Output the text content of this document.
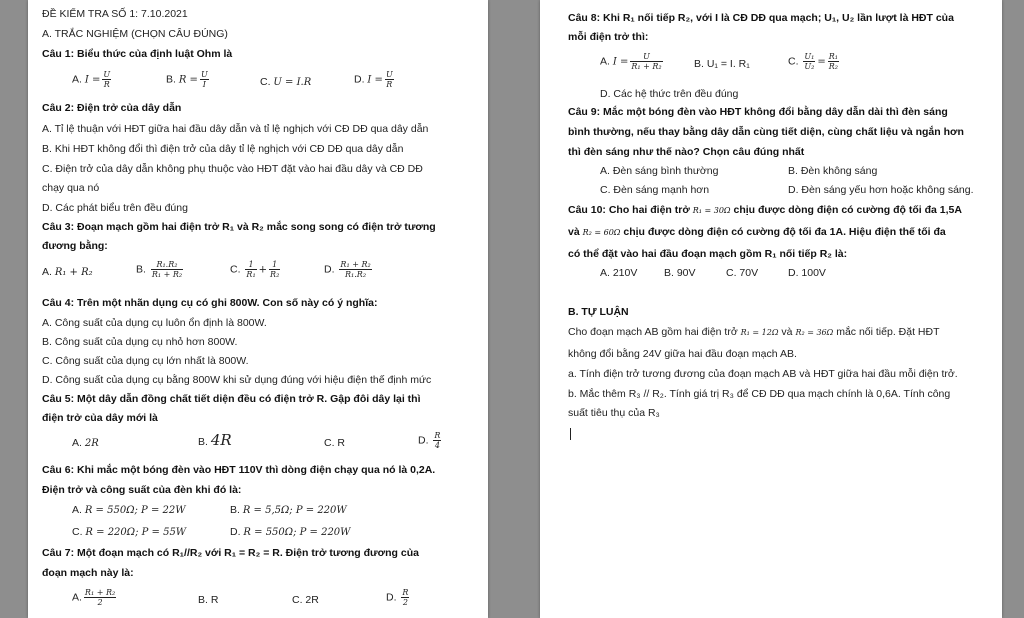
ĐỀ KIỂM TRA SỐ 1: 7.10.2021
A. TRẮC NGHIỆM (CHỌN CÂU ĐÚNG)
Câu 1: Biểu thức của định luật Ohm là
A. $I = \frac{U}{R}$	B. $R = \frac{U}{I}$	C. U = I.R	D. $I = \frac{U}{R}$
Câu 2: Điện trở của dây dẫn
A. Tỉ lệ thuận với HĐT giữa hai đầu dây dẫn và tỉ lệ nghịch với CĐ DĐ qua dây dẫn
B. Khi HĐT không đổi thì điện trở của dây tỉ lệ nghịch với CĐ DĐ qua dây dẫn
C. Điện trở của dây dẫn không phụ thuộc vào HĐT đặt vào hai đầu dây và CĐ DĐ
chạy qua nó
D. Các phát biểu trên đều đúng
Câu 3: Đoạn mạch gồm hai điện trở R₁ và R₂ mắc song song có điện trở tương
đương bằng:
A. R₁ + R₂	B. $\frac{\text{R₁.R₂}}{\text{R₁ + R₂}}$	C. $\frac{1}{\text{R₁}} + \frac{1}{\text{R₂}}$	D. $\frac{\text{R₁ + R₂}}{\text{R₁.R₂}}$
Câu 4: Trên một nhãn dụng cụ có ghi 800W. Con số này có ý nghĩa:
A. Công suất của dụng cụ luôn ổn định là 800W.
B. Công suất của dụng cụ nhỏ hơn 800W.
C. Công suất của dụng cụ lớn nhất là 800W.
D. Công suất của dụng cụ bằng 800W khi sử dụng đúng với hiệu điện thế định mức
Câu 5: Một dây dẫn đồng chất tiết diện đều có điện trở R. Gập đôi dây lại thì
điện trở của dây mới là
A. 2R	B. 4R	C. R	D. $\frac{R}{4}$
Câu 6: Khi mắc một bóng đèn vào HĐT 110V thì dòng điện chạy qua nó là 0,2A.
Điện trở và công suất của đèn khi đó là:
A. R = 550Ω; P = 22W	B. R = 5,5Ω; P = 220W
C. R = 220Ω; P = 55W	D. R = 550Ω; P = 220W
Câu 7: Một đoạn mạch có R₁//R₂ với R₁ = R₂ = R. Điện trở tương đương của
đoạn mạch này là:
A. $\frac{\text{R₁ + R₂}}{2}$	B. R	C. 2R	D. $\frac{R}{2}$
Câu 8: Khi R₁ nối tiếp R₂, với I là CĐ DĐ qua mạch; U₁, U₂ lần lượt là HĐT của
mỗi điện trở thì:
A. $I = \frac{U}{\text{R₁ + R₂}}$	B. U₁ = I. R₁	C. $\frac{\text{U₁}}{\text{U₂}} = \frac{\text{R₁}}{\text{R₂}}$
D. Các hệ thức trên đều đúng
Câu 9: Mắc một bóng đèn vào HĐT không đổi bằng dây dẫn dài thì đèn sáng
bình thường, nếu thay bằng dây dẫn cùng tiết diện, cùng chất liệu và ngắn hơn
thì đèn sáng như thế nào? Chọn câu đúng nhất
A. Đèn sáng bình thường	B. Đèn không sáng
C. Đèn sáng mạnh hơn	D. Đèn sáng yếu hơn hoặc không sáng.
Câu 10: Cho hai điện trở R₁ = 30Ω chịu được dòng điện có cường độ tối đa 1,5A
và R₂ = 60Ω chịu được dòng điện có cường độ tối đa 1A. Hiệu điện thế tối đa
có thể đặt vào hai đầu đoạn mạch gồm R₁ nối tiếp R₂ là:
A. 210V	B. 90V	C. 70V	D. 100V
B. TỰ LUẬN
Cho đoạn mạch AB gồm hai điện trở R₁ = 12Ω và R₂ = 36Ω mắc nối tiếp. Đặt HĐT
không đổi bằng 24V giữa hai đầu đoạn mạch AB.
a. Tính điện trở tương đương của đoạn mạch AB và HĐT giữa hai đầu mỗi điện trở.
b. Mắc thêm R₃ // R₂. Tính giá trị R₃ để CĐ DĐ qua mạch chính là 0,6A. Tính công
suất tiêu thụ của R₃
